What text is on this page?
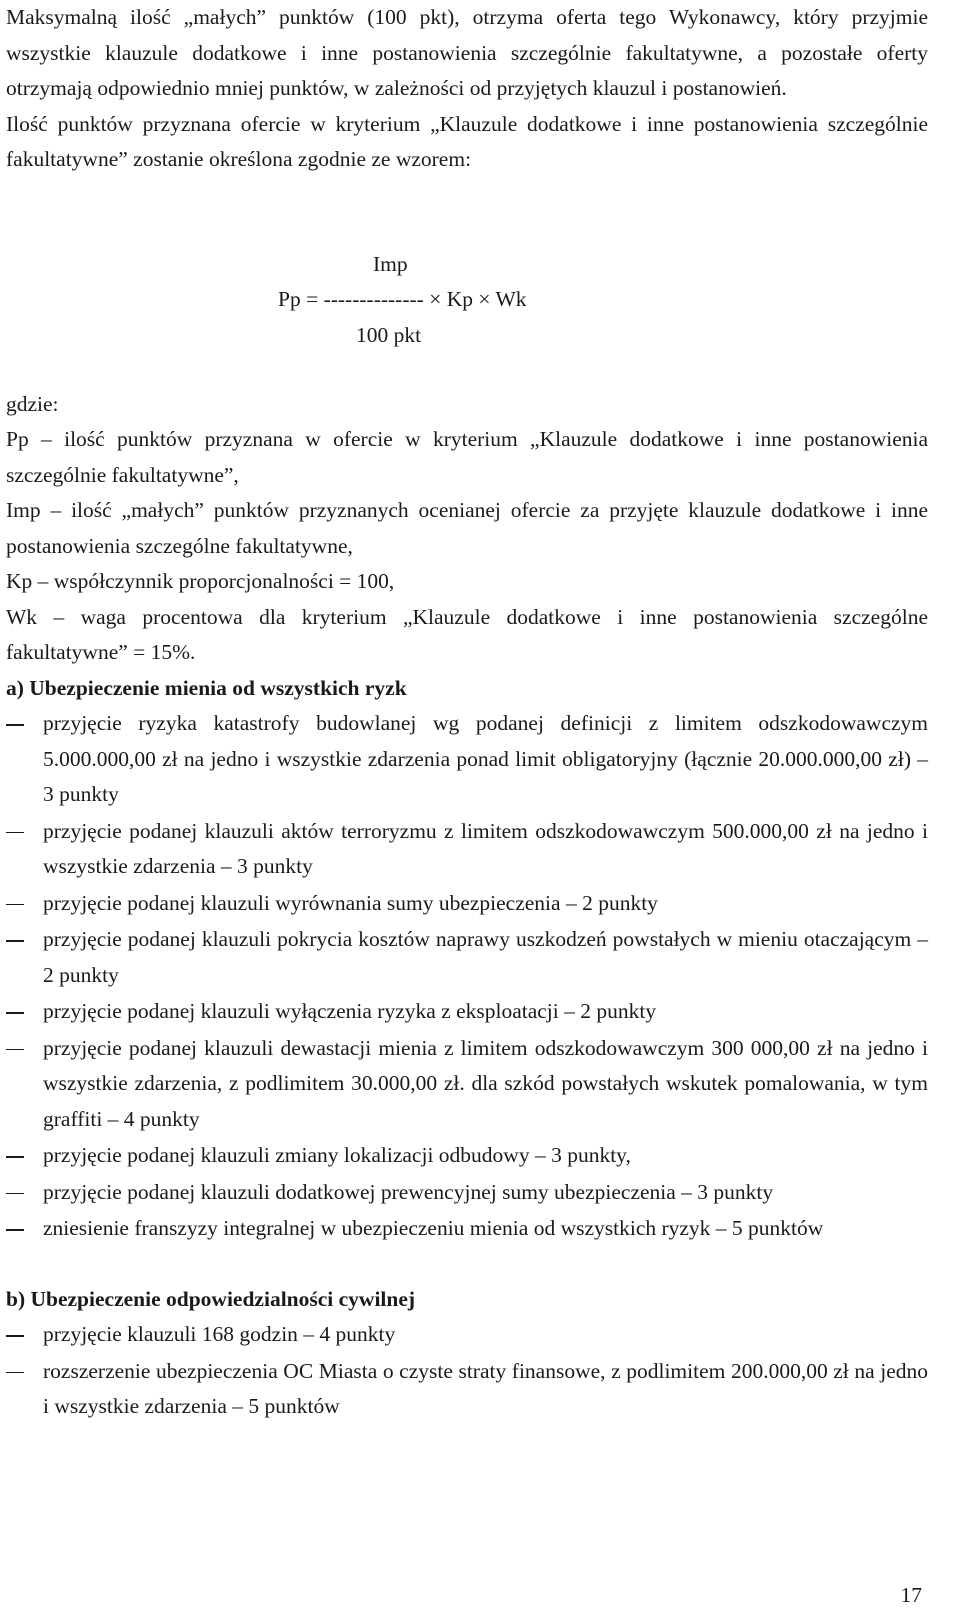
Maksymalną ilość „małych” punktów (100 pkt), otrzyma oferta tego Wykonawcy, który przyjmie wszystkie klauzule dodatkowe i inne postanowienia szczególnie fakultatywne, a pozostałe oferty otrzymają odpowiednio mniej punktów, w zależności od przyjętych klauzul i postanowień.

Ilość punktów przyznana ofercie w kryterium „Klauzule dodatkowe i inne postanowienia szczególnie fakultatywne” zostanie określona zgodnie ze wzorem:

Imp
Pp = -------------- × Kp × Wk
100 pkt

gdzie:

Pp – ilość punktów przyznana w ofercie w kryterium „Klauzule dodatkowe i inne postanowienia szczególnie fakultatywne”,

Imp – ilość „małych” punktów przyznanych ocenianej ofercie za przyjęte klauzule dodatkowe i inne postanowienia szczególne fakultatywne,

Kp – współczynnik proporcjonalności = 100,

Wk – waga procentowa dla kryterium „Klauzule dodatkowe i inne postanowienia szczególne fakultatywne” = 15%.

a) Ubezpieczenie mienia od wszystkich ryzk

przyjęcie ryzyka katastrofy budowlanej wg podanej definicji z limitem odszkodowawczym 5.000.000,00 zł na jedno i wszystkie zdarzenia ponad limit obligatoryjny (łącznie 20.000.000,00 zł) – 3 punkty
przyjęcie podanej klauzuli aktów terroryzmu z limitem odszkodowawczym 500.000,00 zł na jedno i wszystkie zdarzenia – 3 punkty
przyjęcie podanej klauzuli wyrównania sumy ubezpieczenia – 2 punkty
przyjęcie podanej klauzuli pokrycia kosztów naprawy uszkodzeń powstałych w mieniu otaczającym – 2 punkty
przyjęcie podanej klauzuli wyłączenia ryzyka z eksploatacji – 2 punkty
przyjęcie podanej klauzuli dewastacji mienia z limitem odszkodowawczym 300 000,00 zł na jedno i wszystkie zdarzenia, z podlimitem 30.000,00 zł. dla szkód powstałych wskutek pomalowania, w tym graffiti – 4 punkty
przyjęcie podanej klauzuli zmiany lokalizacji odbudowy – 3 punkty,
przyjęcie podanej klauzuli dodatkowej prewencyjnej sumy ubezpieczenia – 3 punkty
zniesienie franszyzy integralnej w ubezpieczeniu mienia od wszystkich ryzyk – 5 punktów

b) Ubezpieczenie odpowiedzialności cywilnej

przyjęcie klauzuli 168 godzin – 4 punkty
rozszerzenie ubezpieczenia OC Miasta o czyste straty finansowe, z podlimitem 200.000,00 zł na jedno i wszystkie zdarzenia – 5 punktów
17
